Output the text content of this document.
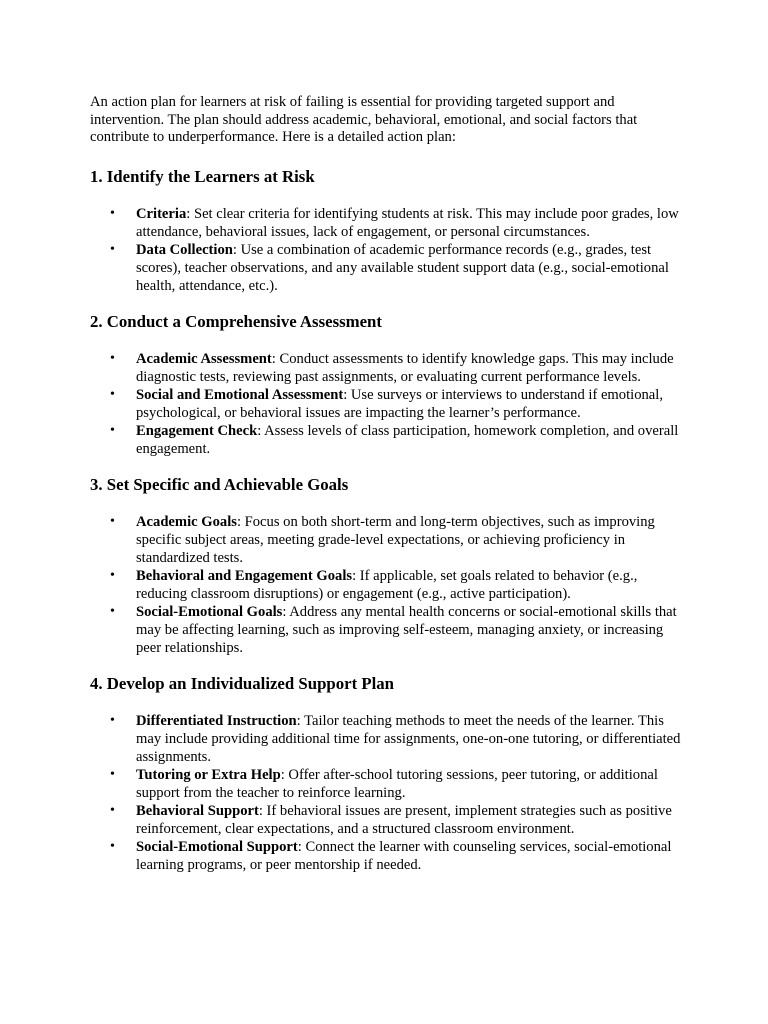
An action plan for learners at risk of failing is essential for providing targeted support and intervention. The plan should address academic, behavioral, emotional, and social factors that contribute to underperformance. Here is a detailed action plan:

1. Identify the Learners at Risk
• Criteria: Set clear criteria for identifying students at risk. This may include poor grades, low attendance, behavioral issues, lack of engagement, or personal circumstances.
• Data Collection: Use a combination of academic performance records (e.g., grades, test scores), teacher observations, and any available student support data (e.g., social-emotional health, attendance, etc.).
2. Conduct a Comprehensive Assessment
• Academic Assessment: Conduct assessments to identify knowledge gaps. This may include diagnostic tests, reviewing past assignments, or evaluating current performance levels.
• Social and Emotional Assessment: Use surveys or interviews to understand if emotional, psychological, or behavioral issues are impacting the learner’s performance.
• Engagement Check: Assess levels of class participation, homework completion, and overall engagement.
3. Set Specific and Achievable Goals
• Academic Goals: Focus on both short-term and long-term objectives, such as improving specific subject areas, meeting grade-level expectations, or achieving proficiency in standardized tests.
• Behavioral and Engagement Goals: If applicable, set goals related to behavior (e.g., reducing classroom disruptions) or engagement (e.g., active participation).
• Social-Emotional Goals: Address any mental health concerns or social-emotional skills that may be affecting learning, such as improving self-esteem, managing anxiety, or increasing peer relationships.
4. Develop an Individualized Support Plan
• Differentiated Instruction: Tailor teaching methods to meet the needs of the learner. This may include providing additional time for assignments, one-on-one tutoring, or differentiated assignments.
• Tutoring or Extra Help: Offer after-school tutoring sessions, peer tutoring, or additional support from the teacher to reinforce learning.
• Behavioral Support: If behavioral issues are present, implement strategies such as positive reinforcement, clear expectations, and a structured classroom environment.
• Social-Emotional Support: Connect the learner with counseling services, social-emotional learning programs, or peer mentorship if needed.
